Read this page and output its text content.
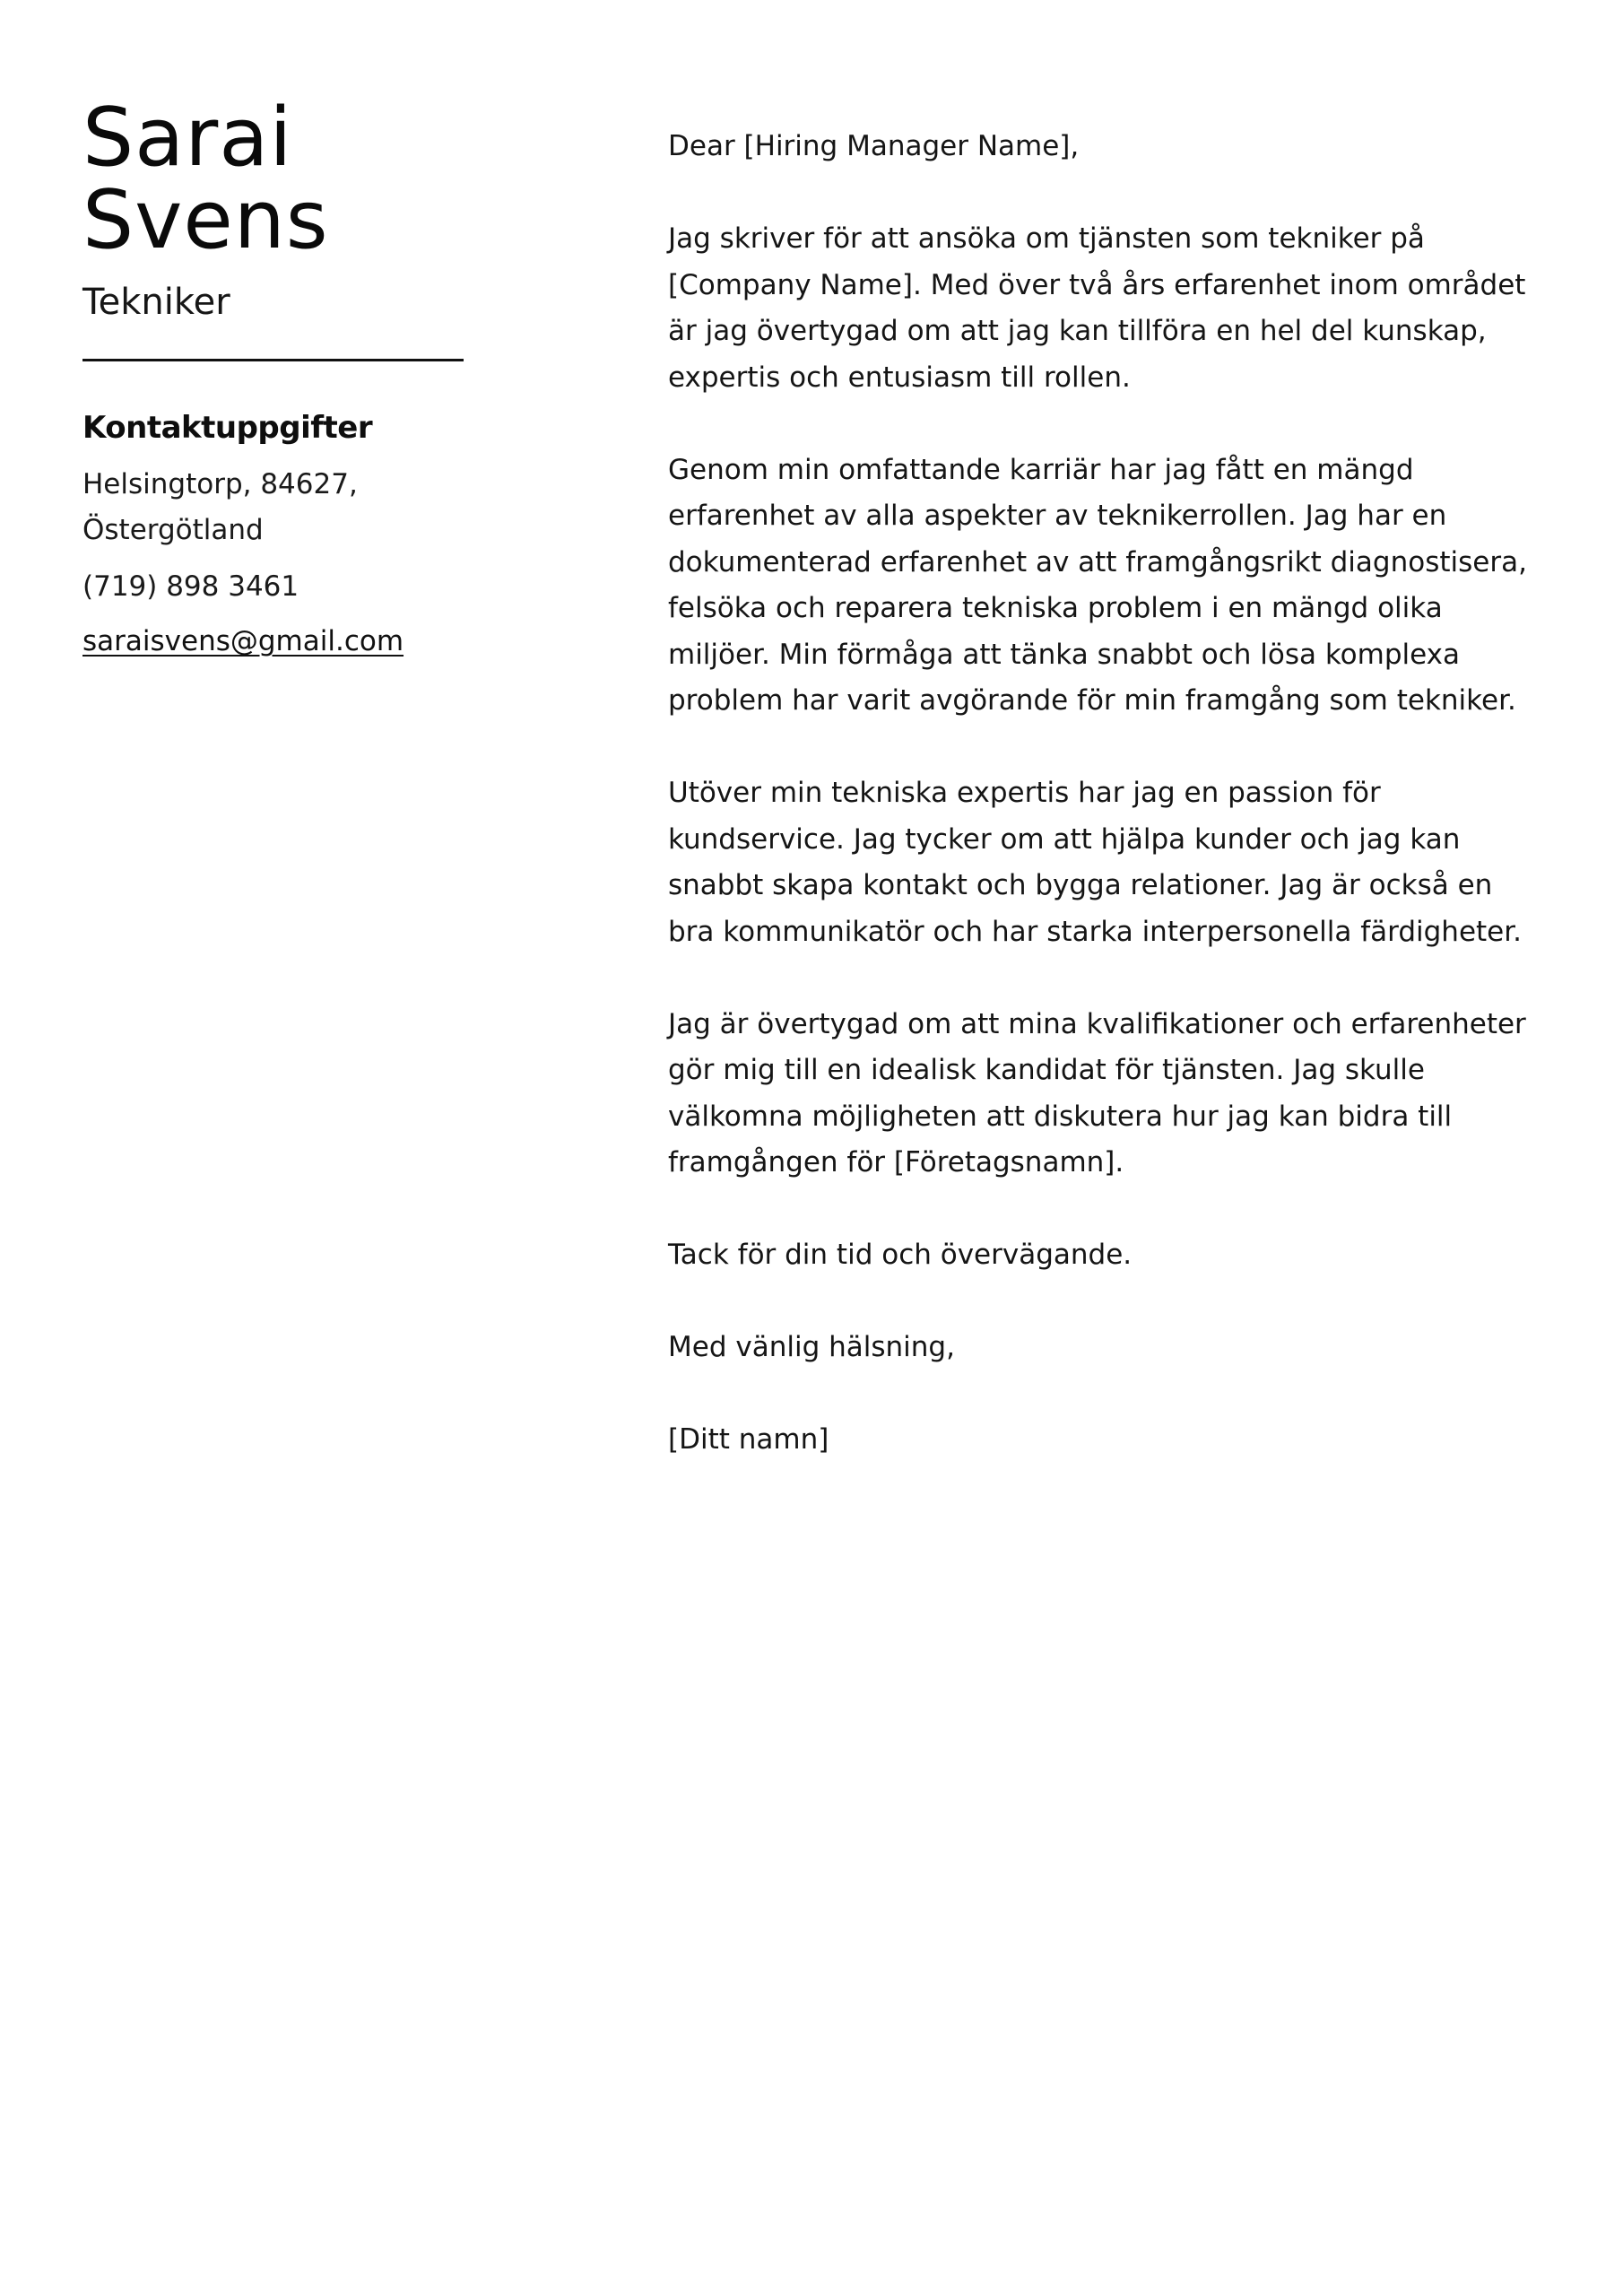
Sarai
Svens
Tekniker
Kontaktuppgifter
Helsingtorp, 84627,
Östergötland
(719) 898 3461
saraisvens@gmail.com

Dear [Hiring Manager Name],

Jag skriver för att ansöka om tjänsten som tekniker på [Company Name]. Med över två års erfarenhet inom området är jag övertygad om att jag kan tillföra en hel del kunskap, expertis och entusiasm till rollen.

Genom min omfattande karriär har jag fått en mängd erfarenhet av alla aspekter av teknikerrollen. Jag har en dokumenterad erfarenhet av att framgångsrikt diagnostisera, felsöka och reparera tekniska problem i en mängd olika miljöer. Min förmåga att tänka snabbt och lösa komplexa problem har varit avgörande för min framgång som tekniker.

Utöver min tekniska expertis har jag en passion för kundservice. Jag tycker om att hjälpa kunder och jag kan snabbt skapa kontakt och bygga relationer. Jag är också en bra kommunikatör och har starka interpersonella färdigheter.

Jag är övertygad om att mina kvalifikationer och erfarenheter gör mig till en idealisk kandidat för tjänsten. Jag skulle välkomna möjligheten att diskutera hur jag kan bidra till framgången för [Företagsnamn].

Tack för din tid och övervägande.

Med vänlig hälsning,

[Ditt namn]
